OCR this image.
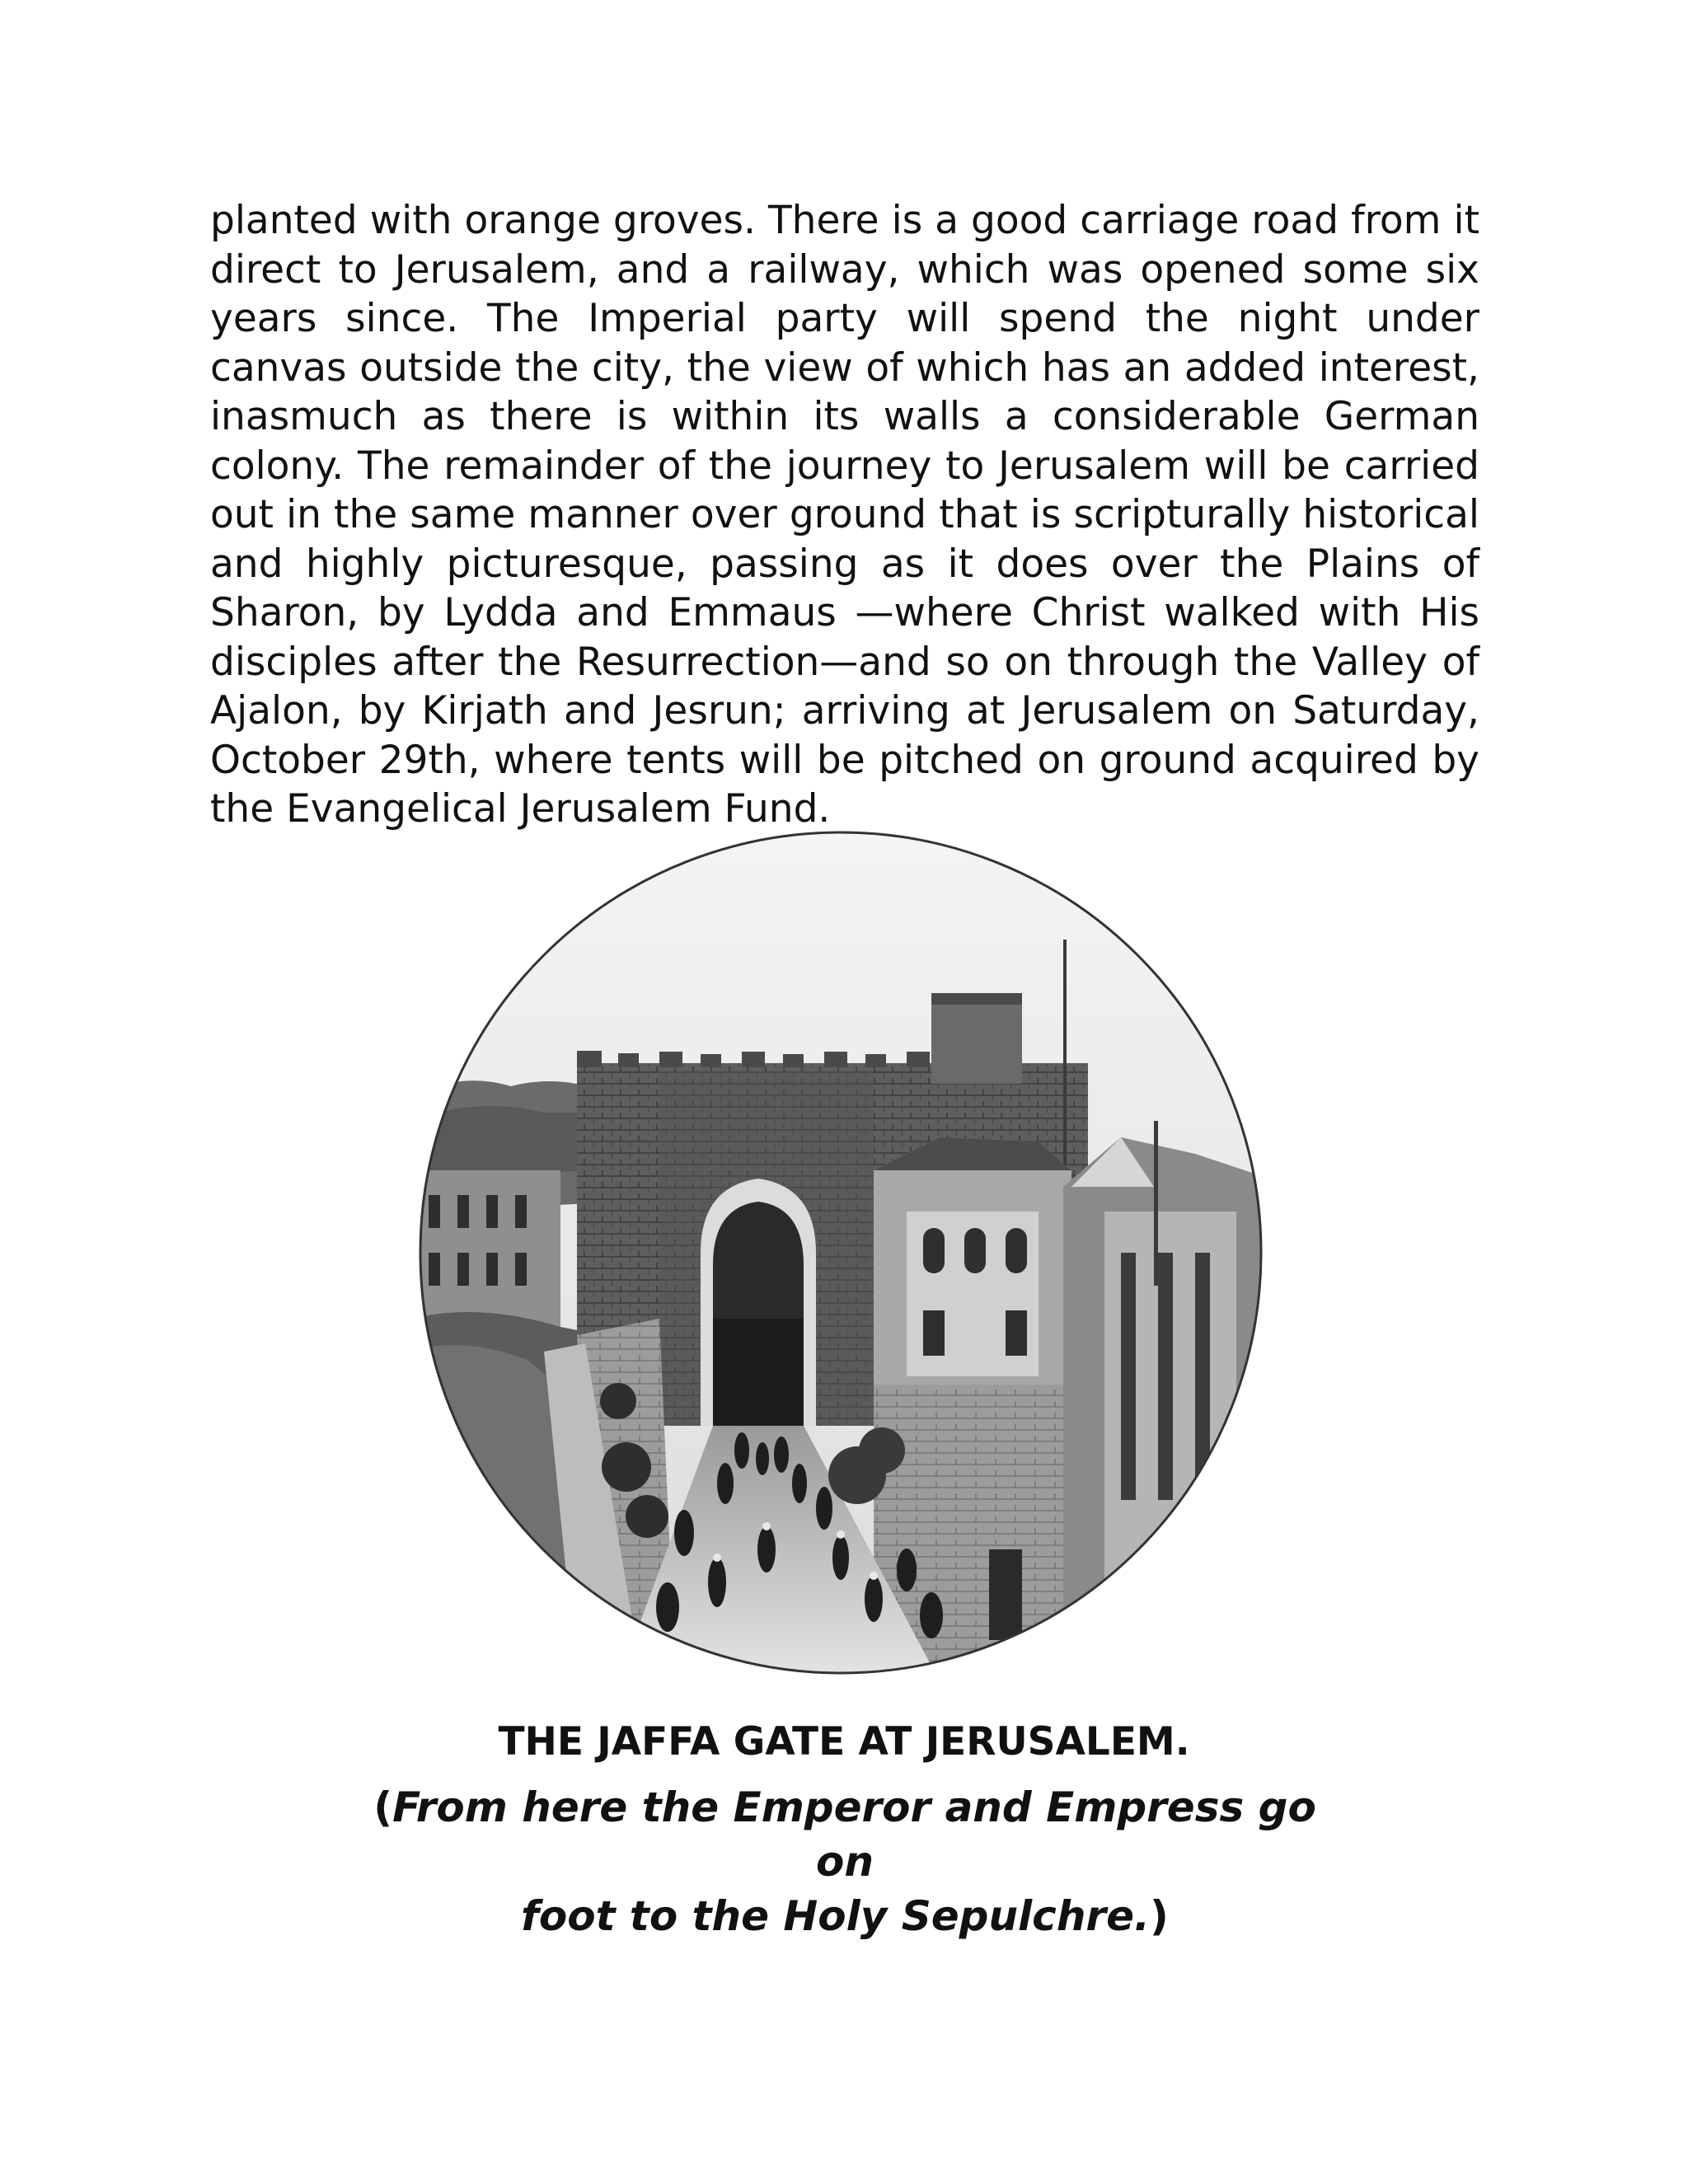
planted with orange groves. There is a good carriage road from it direct to Jerusalem, and a railway, which was opened some six years since. The Imperial party will spend the night under canvas outside the city, the view of which has an added interest, inasmuch as there is within its walls a considerable German colony. The remainder of the journey to Jerusalem will be carried out in the same manner over ground that is scripturally historical and highly picturesque, passing as it does over the Plains of Sharon, by Lydda and Emmaus —where Christ walked with His disciples after the Resurrection—and so on through the Valley of Ajalon, by Kirjath and Jesrun; arriving at Jerusalem on Saturday, October 29th, where tents will be pitched on ground acquired by the Evangelical Jerusalem Fund.

THE JAFFA GATE AT JERUSALEM.

(From here the Emperor and Empress go on
foot to the Holy Sepulchre.)
